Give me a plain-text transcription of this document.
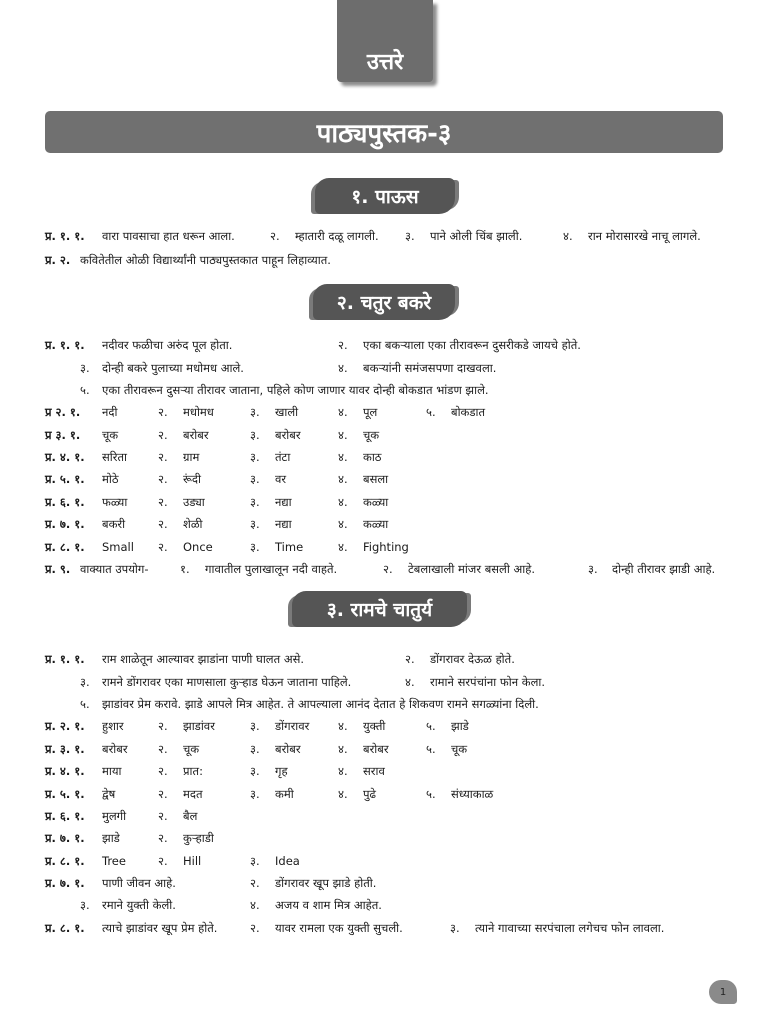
उत्तरे
पाठ्यपुस्तक-३
१. पाऊस
२. चतुर बकरे
३. रामचे चातुर्य
प्र. १. १. वारा पावसाचा हात धरून आला.	२. म्हातारी दळू लागली. ३. पाने ओली चिंब झाली.	४. रान मोरासारखे नाचू लागले.
प्र. २. कवितेतील ओळी विद्यार्थ्यांनी पाठ्यपुस्तकात पाहून लिहाव्यात.
प्र. १. १. नदीवर फळीचा अरुंद पूल होता.	२. एका बकऱ्याला एका तीरावरून दुसरीकडे जायचे होते.
३. दोन्ही बकरे पुलाच्या मधोमध आले.	४. बकऱ्यांनी समंजसपणा दाखवला.
५. एका तीरावरून दुसऱ्या तीरावर जाताना, पहिले कोण जाणार यावर दोन्ही बोकडात भांडण झाले.
प्र २. १. नदी	२. मधोमध	३. खाली	४. पूल	५. बोकडात
प्र ३. १. चूक	२. बरोबर	३. बरोबर	४. चूक
प्र. ४. १. सरिता	२. ग्राम	३. तंटा	४. काठ
प्र. ५. १. मोठे	२. रूंदी	३. वर	४. बसला
प्र. ६. १. फळ्या	२. उड्या	३. नद्या	४. कळ्या
प्र. ७. १. बकरी	२. शेळी	३. नद्या	४. कळ्या
प्र. ८. १. Small २. Once	३. Time	४. Fighting
प्र. ९. वाक्यात उपयोग-	१. गावातील पुलाखालून नदी वाहते.	२. टेबलाखाली मांजर बसली आहे.	३. दोन्ही तीरावर झाडी आहे.
प्र. १. १. राम शाळेतून आल्यावर झाडांना पाणी घालत असे.	२. डोंगरावर देऊळ होते.
३. रामने डोंगरावर एका माणसाला कुऱ्हाड घेऊन जाताना पाहिले.	४. रामाने सरपंचांना फोन केला.
५. झाडांवर प्रेम करावे. झाडे आपले मित्र आहेत. ते आपल्याला आनंद देतात हे शिकवण रामने सगळ्यांना दिली.
प्र. २. १. हुशार	२. झाडांवर	३. डोंगरावर ४. युक्ती	५. झाडे
प्र. ३. १. बरोबर	२. चूक	३. बरोबर	४. बरोबर	५. चूक
प्र. ४. १. माया	२. प्रात:	३. गृह	४. सराव
प्र. ५. १. द्वेष	२. मदत	३. कमी	४. पुढे	५. संध्याकाळ
प्र. ६. १. मुलगी	२. बैल
प्र. ७. १. झाडे	२. कुऱ्हाडी
प्र. ८. १. Tree	२. Hill	३. Idea
प्र. ७. १. पाणी जीवन आहे.	२. डोंगरावर खूप झाडे होती.
३. रमाने युक्ती केली.	४. अजय व शाम मित्र आहेत.
प्र. ८. १. त्याचे झाडांवर खूप प्रेम होते.	२. यावर रामला एक युक्ती सुचली.	३. त्याने गावाच्या सरपंचाला लगेचच फोन लावला.
1
